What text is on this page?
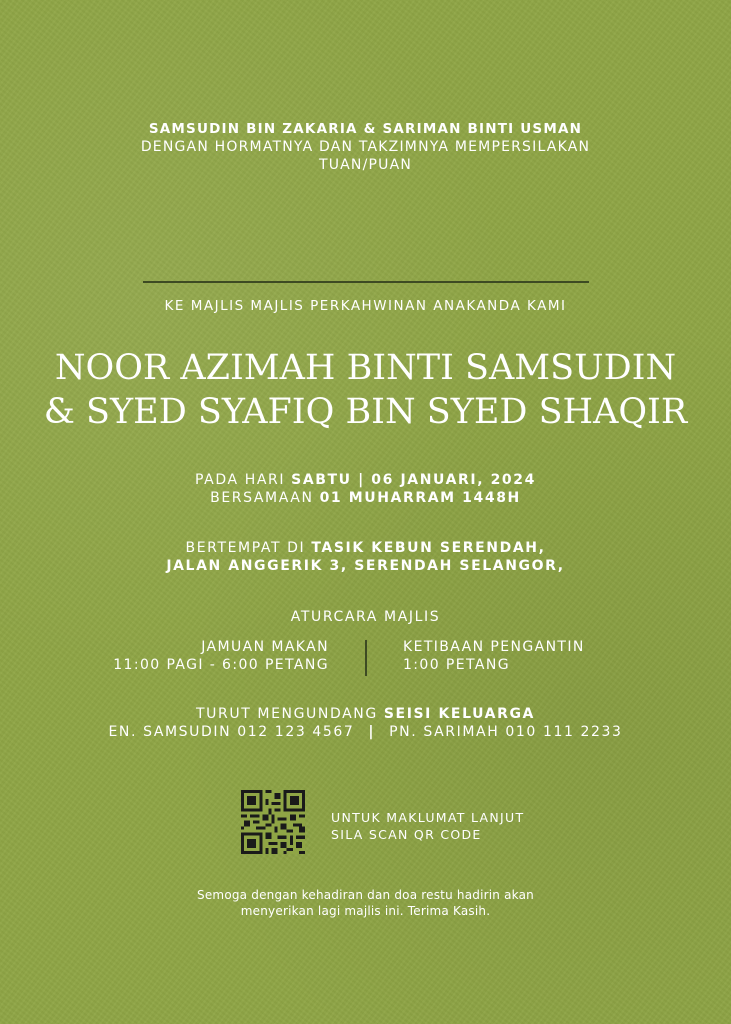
SAMSUDIN BIN ZAKARIA & SARIMAN BINTI USMAN
DENGAN HORMATNYA DAN TAKZIMNYA MEMPERSILAKAN
TUAN/PUAN
KE MAJLIS MAJLIS PERKAHWINAN ANAKANDA KAMI
NOOR AZIMAH BINTI SAMSUDIN
& SYED SYAFIQ BIN SYED SHAQIR
PADA HARI SABTU | 06 JANUARI, 2024
BERSAMAAN 01 MUHARRAM 1448H
BERTEMPAT DI TASIK KEBUN SERENDAH,
JALAN ANGGERIK 3, SERENDAH SELANGOR,
ATURCARA MAJLIS
JAMUAN MAKAN
11:00 PAGI - 6:00 PETANG
KETIBAAN PENGANTIN
1:00 PETANG
TURUT MENGUNDANG SEISI KELUARGA
EN. SAMSUDIN 012 123 4567 | PN. SARIMAH 010 111 2233
UNTUK MAKLUMAT LANJUT
SILA SCAN QR CODE
Semoga dengan kehadiran dan doa restu hadirin akan
menyerikan lagi majlis ini. Terima Kasih.
